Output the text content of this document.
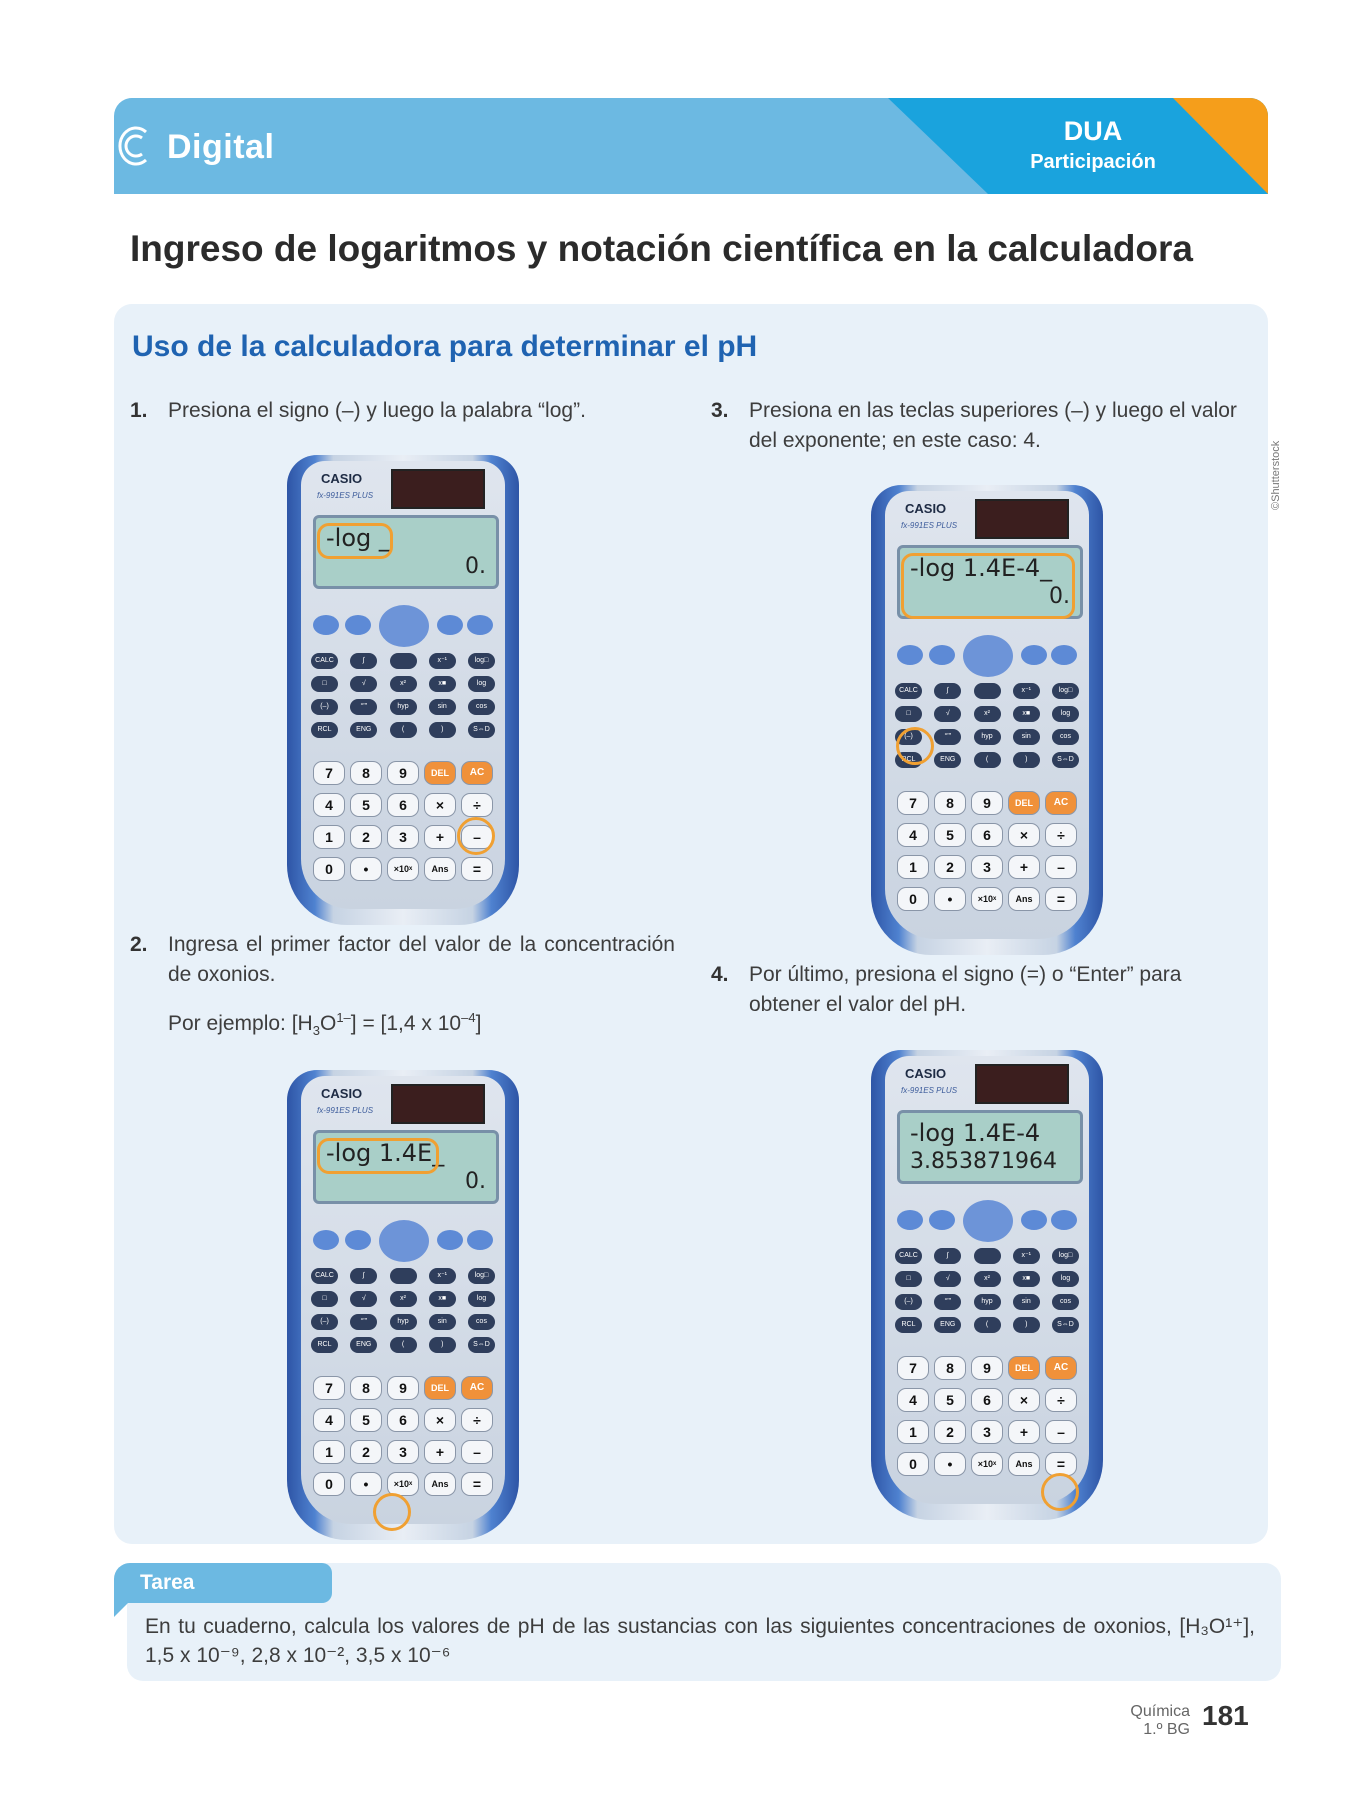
Digital	DUA
Participación
Ingreso de logaritmos y notación científica en la calculadora
Uso de la calculadora para determinar el pH
1. Presiona el signo (–) y luego la palabra “log”.
2. Ingresa el primer factor del valor de la concentración de oxonios.
Por ejemplo: $[H_3O^{1-}] = [1,4$ x $10^{-4}$]
3. Presiona en las teclas superiores (–) y luego el valor del exponente; en este caso: 4.
4. Por último, presiona el signo (=) o “Enter” para obtener el valor del pH.
©Shutterstock
CASIO
fx-991ES PLUS
-log _
0.
CALC	∫	x⁻¹	log□
□	√	x²	x■	log
(–)	°'"	hyp	sin	cos
RCL	ENG	(	)	S⇔D
7	8	9	DEL	AC
4	5	6	×	÷
1	2	3	+	–
0	•	×10ˣ	Ans	=
CASIO
fx-991ES PLUS
-log 1.4E_
0.
CALC	∫	x⁻¹	log□
□	√	x²	x■	log
(–)	°'"	hyp	sin	cos
RCL	ENG	(	)	S⇔D
7	8	9	DEL	AC
4	5	6	×	÷
1	2	3	+	–
0	•	×10ˣ	Ans	=
CASIO
fx-991ES PLUS
-log 1.4E-4_
0.
CALC	∫	x⁻¹	log□
□	√	x²	x■	log
(–)	°'"	hyp	sin	cos
RCL	ENG	(	)	S⇔D
7	8	9	DEL	AC
4	5	6	×	÷
1	2	3	+	–
0	•	×10ˣ	Ans	=
CASIO
fx-991ES PLUS
-log 1.4E-4
3.853871964
CALC	∫	x⁻¹	log□
□	√	x²	x■	log
(–)	°'"	hyp	sin	cos
RCL	ENG	(	)	S⇔D
7	8	9	DEL	AC
4	5	6	×	÷
1	2	3	+	–
0	•	×10ˣ	Ans	=
Tarea
En tu cuaderno, calcula los valores de pH de las sustancias con las siguientes concentraciones de oxonios, [H₃O¹⁺], 1,5 x 10⁻⁹, 2,8 x 10⁻², 3,5 x 10⁻⁶
Química
1.º BG 181
